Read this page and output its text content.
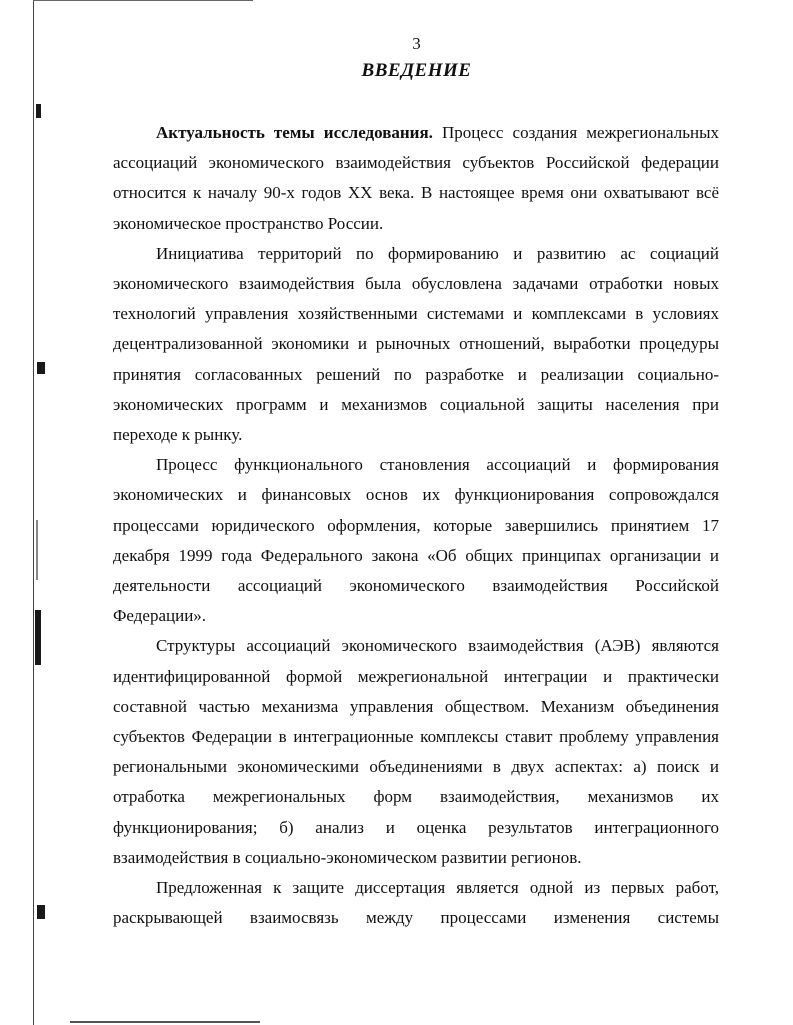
3
ВВЕДЕНИЕ

Актуальность темы исследования. Процесс создания межрегиональных ассоциаций экономического взаимодействия субъектов Российской федерации относится к началу 90-х годов XX века. В настоящее время они охватывают всё экономическое пространство России.

Инициатива территорий по формированию и развитию ас социаций экономического взаимодействия была обусловлена задачами отработки новых технологий управления хозяйственными системами и комплексами в условиях децентрализованной экономики и рыночных отношений, выработки процедуры принятия согласованных решений по разработке и реализации социально-экономических программ и механизмов социальной защиты населения при переходе к рынку.

Процесс функционального становления ассоциаций и формирования экономических и финансовых основ их функционирования сопровождался процессами юридического оформления, которые завершились принятием 17 декабря 1999 года Федерального закона «Об общих принципах организации и деятельности ассоциаций экономического взаимодействия Российской Федерации».

Структуры ассоциаций экономического взаимодействия (АЭВ) являются идентифицированной формой межрегиональной интеграции и практически составной частью механизма управления обществом. Механизм объединения субъектов Федерации в интеграционные комплексы ставит проблему управления региональными экономическими объединениями в двух аспектах: а) поиск и отработка межрегиональных форм взаимодействия, механизмов их функционирования; б) анализ и оценка результатов интеграционного взаимодействия в социально-экономическом развитии регионов.

Предложенная к защите диссертация является одной из первых работ, раскрывающей взаимосвязь между процессами изменения системы
